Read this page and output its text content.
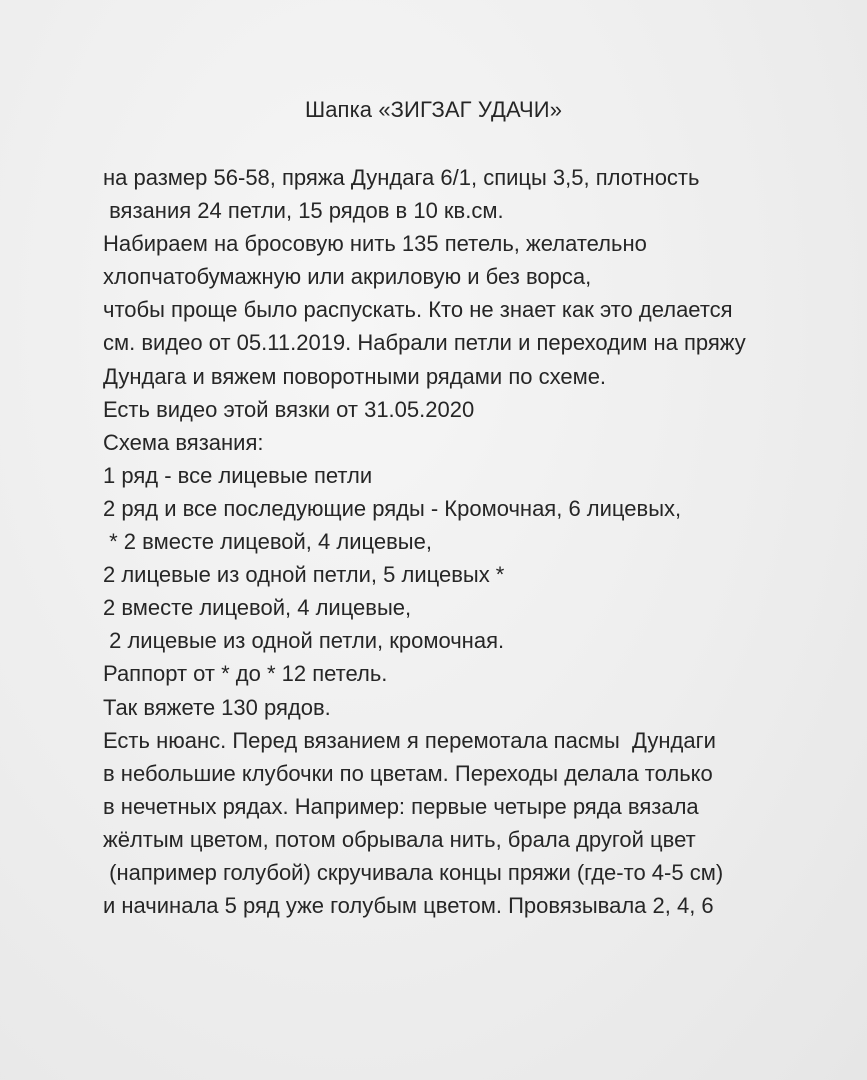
Шапка «ЗИГЗАГ УДАЧИ»
на размер 56-58, пряжа Дундага 6/1, спицы 3,5, плотность
вязания 24 петли, 15 рядов в 10 кв.см.
Набираем на бросовую нить 135 петель, желательно
хлопчатобумажную или акриловую и без ворса,
чтобы проще было распускать. Кто не знает как это делается
см. видео от 05.11.2019. Набрали петли и переходим на пряжу
Дундага и вяжем поворотными рядами по схеме.
Есть видео этой вязки от 31.05.2020
Схема вязания:
1 ряд - все лицевые петли
2 ряд и все последующие ряды - Кромочная, 6 лицевых,
* 2 вместе лицевой, 4 лицевые,
2 лицевые из одной петли, 5 лицевых *
2 вместе лицевой, 4 лицевые,
2 лицевые из одной петли, кромочная.
Раппорт от * до * 12 петель.
Так вяжете 130 рядов.
Есть нюанс. Перед вязанием я перемотала пасмы  Дундаги
в небольшие клубочки по цветам. Переходы делала только
в нечетных рядах. Например: первые четыре ряда вязала
жёлтым цветом, потом обрывала нить, брала другой цвет
(например голубой) скручивала концы пряжи (где-то 4-5 см)
и начинала 5 ряд уже голубым цветом. Провязывала 2, 4, 6
